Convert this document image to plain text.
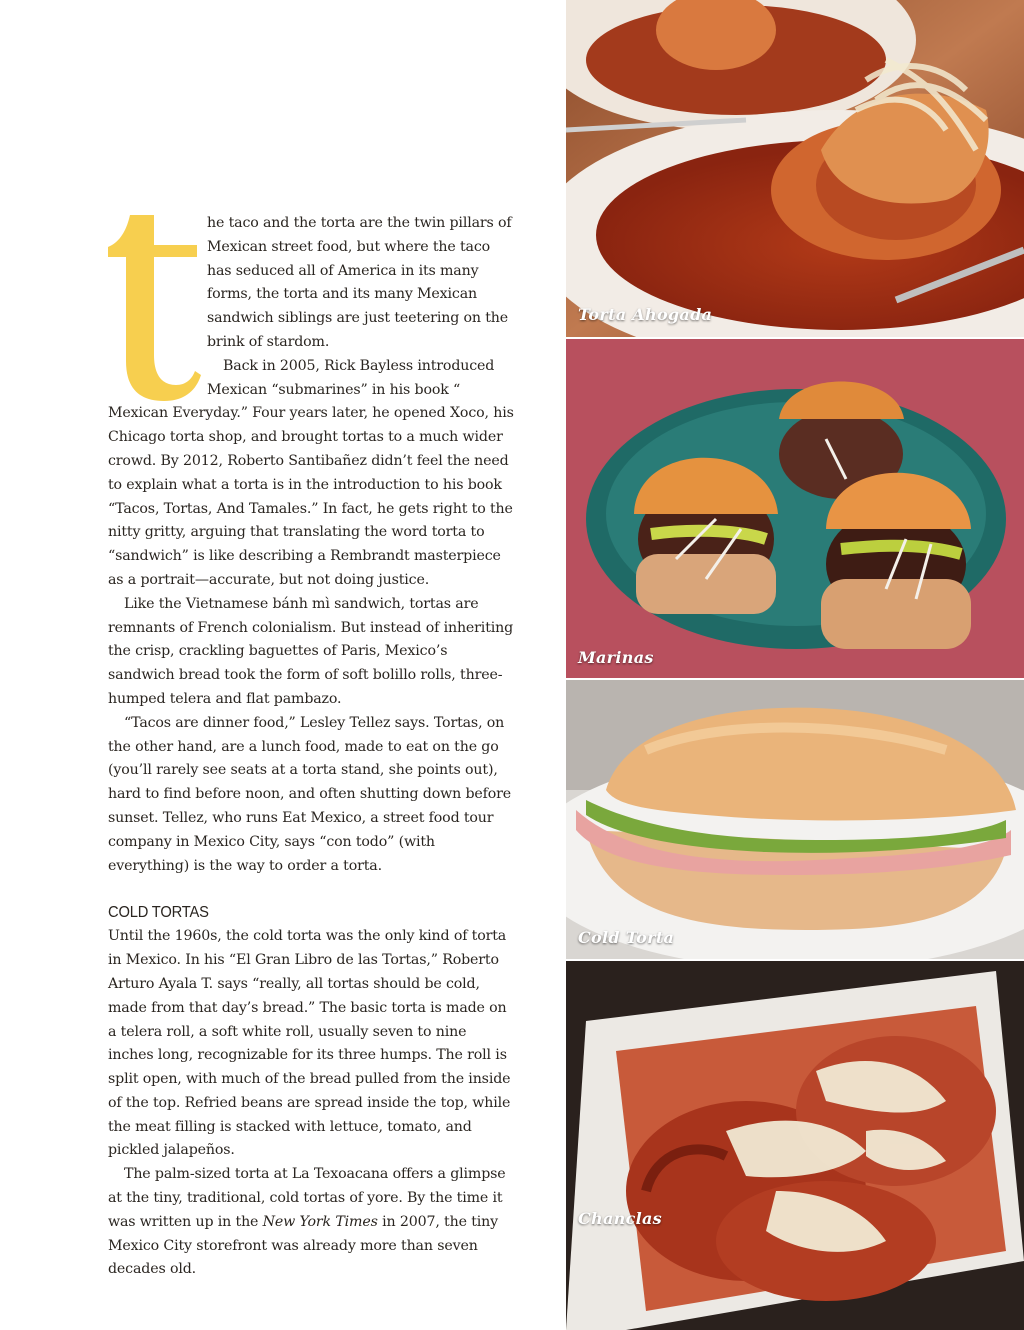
he taco and the torta are the twin pillars of Mexican street food, but where the taco has seduced all of America in its many forms, the torta and its many Mexican sandwich siblings are just teetering on the brink of stardom.

Back in 2005, Rick Bayless introduced Mexican “submarines” in his book “ Mexican Everyday.” Four years later, he opened Xoco, his Chicago torta shop, and brought tortas to a much wider crowd. By 2012, Roberto Santibañez didn’t feel the need to explain what a torta is in the introduction to his book “Tacos, Tortas, And Tamales.” In fact, he gets right to the nitty gritty, arguing that translating the word torta to “sandwich” is like describing a Rembrandt masterpiece as a portrait—accurate, but not doing justice.

Like the Vietnamese bánh mì sandwich, tortas are remnants of French colonialism. But instead of inheriting the crisp, crackling baguettes of Paris, Mexico’s sandwich bread took the form of soft bolillo rolls, three-humped telera and flat pambazo.

“Tacos are dinner food,” Lesley Tellez says. Tortas, on the other hand, are a lunch food, made to eat on the go (you’ll rarely see seats at a torta stand, she points out), hard to find before noon, and often shutting down before sunset. Tellez, who runs Eat Mexico, a street food tour company in Mexico City, says “con todo” (with everything) is the way to order a torta.

COLD TORTAS

Until the 1960s, the cold torta was the only kind of torta in Mexico. In his “El Gran Libro de las Tortas,” Roberto Arturo Ayala T. says “really, all tortas should be cold, made from that day’s bread.” The basic torta is made on a telera roll, a soft white roll, usually seven to nine inches long, recognizable for its three humps. The roll is split open, with much of the bread pulled from the inside of the top. Refried beans are spread inside the top, while the meat filling is stacked with lettuce, tomato, and pickled jalapeños.

The palm-sized torta at La Texoacana offers a glimpse at the tiny, traditional, cold tortas of yore. By the time it was written up in the New York Times in 2007, the tiny Mexico City storefront was already more than seven decades old.

Torta Ahogada
Marinas
Cold Torta
Chanclas
